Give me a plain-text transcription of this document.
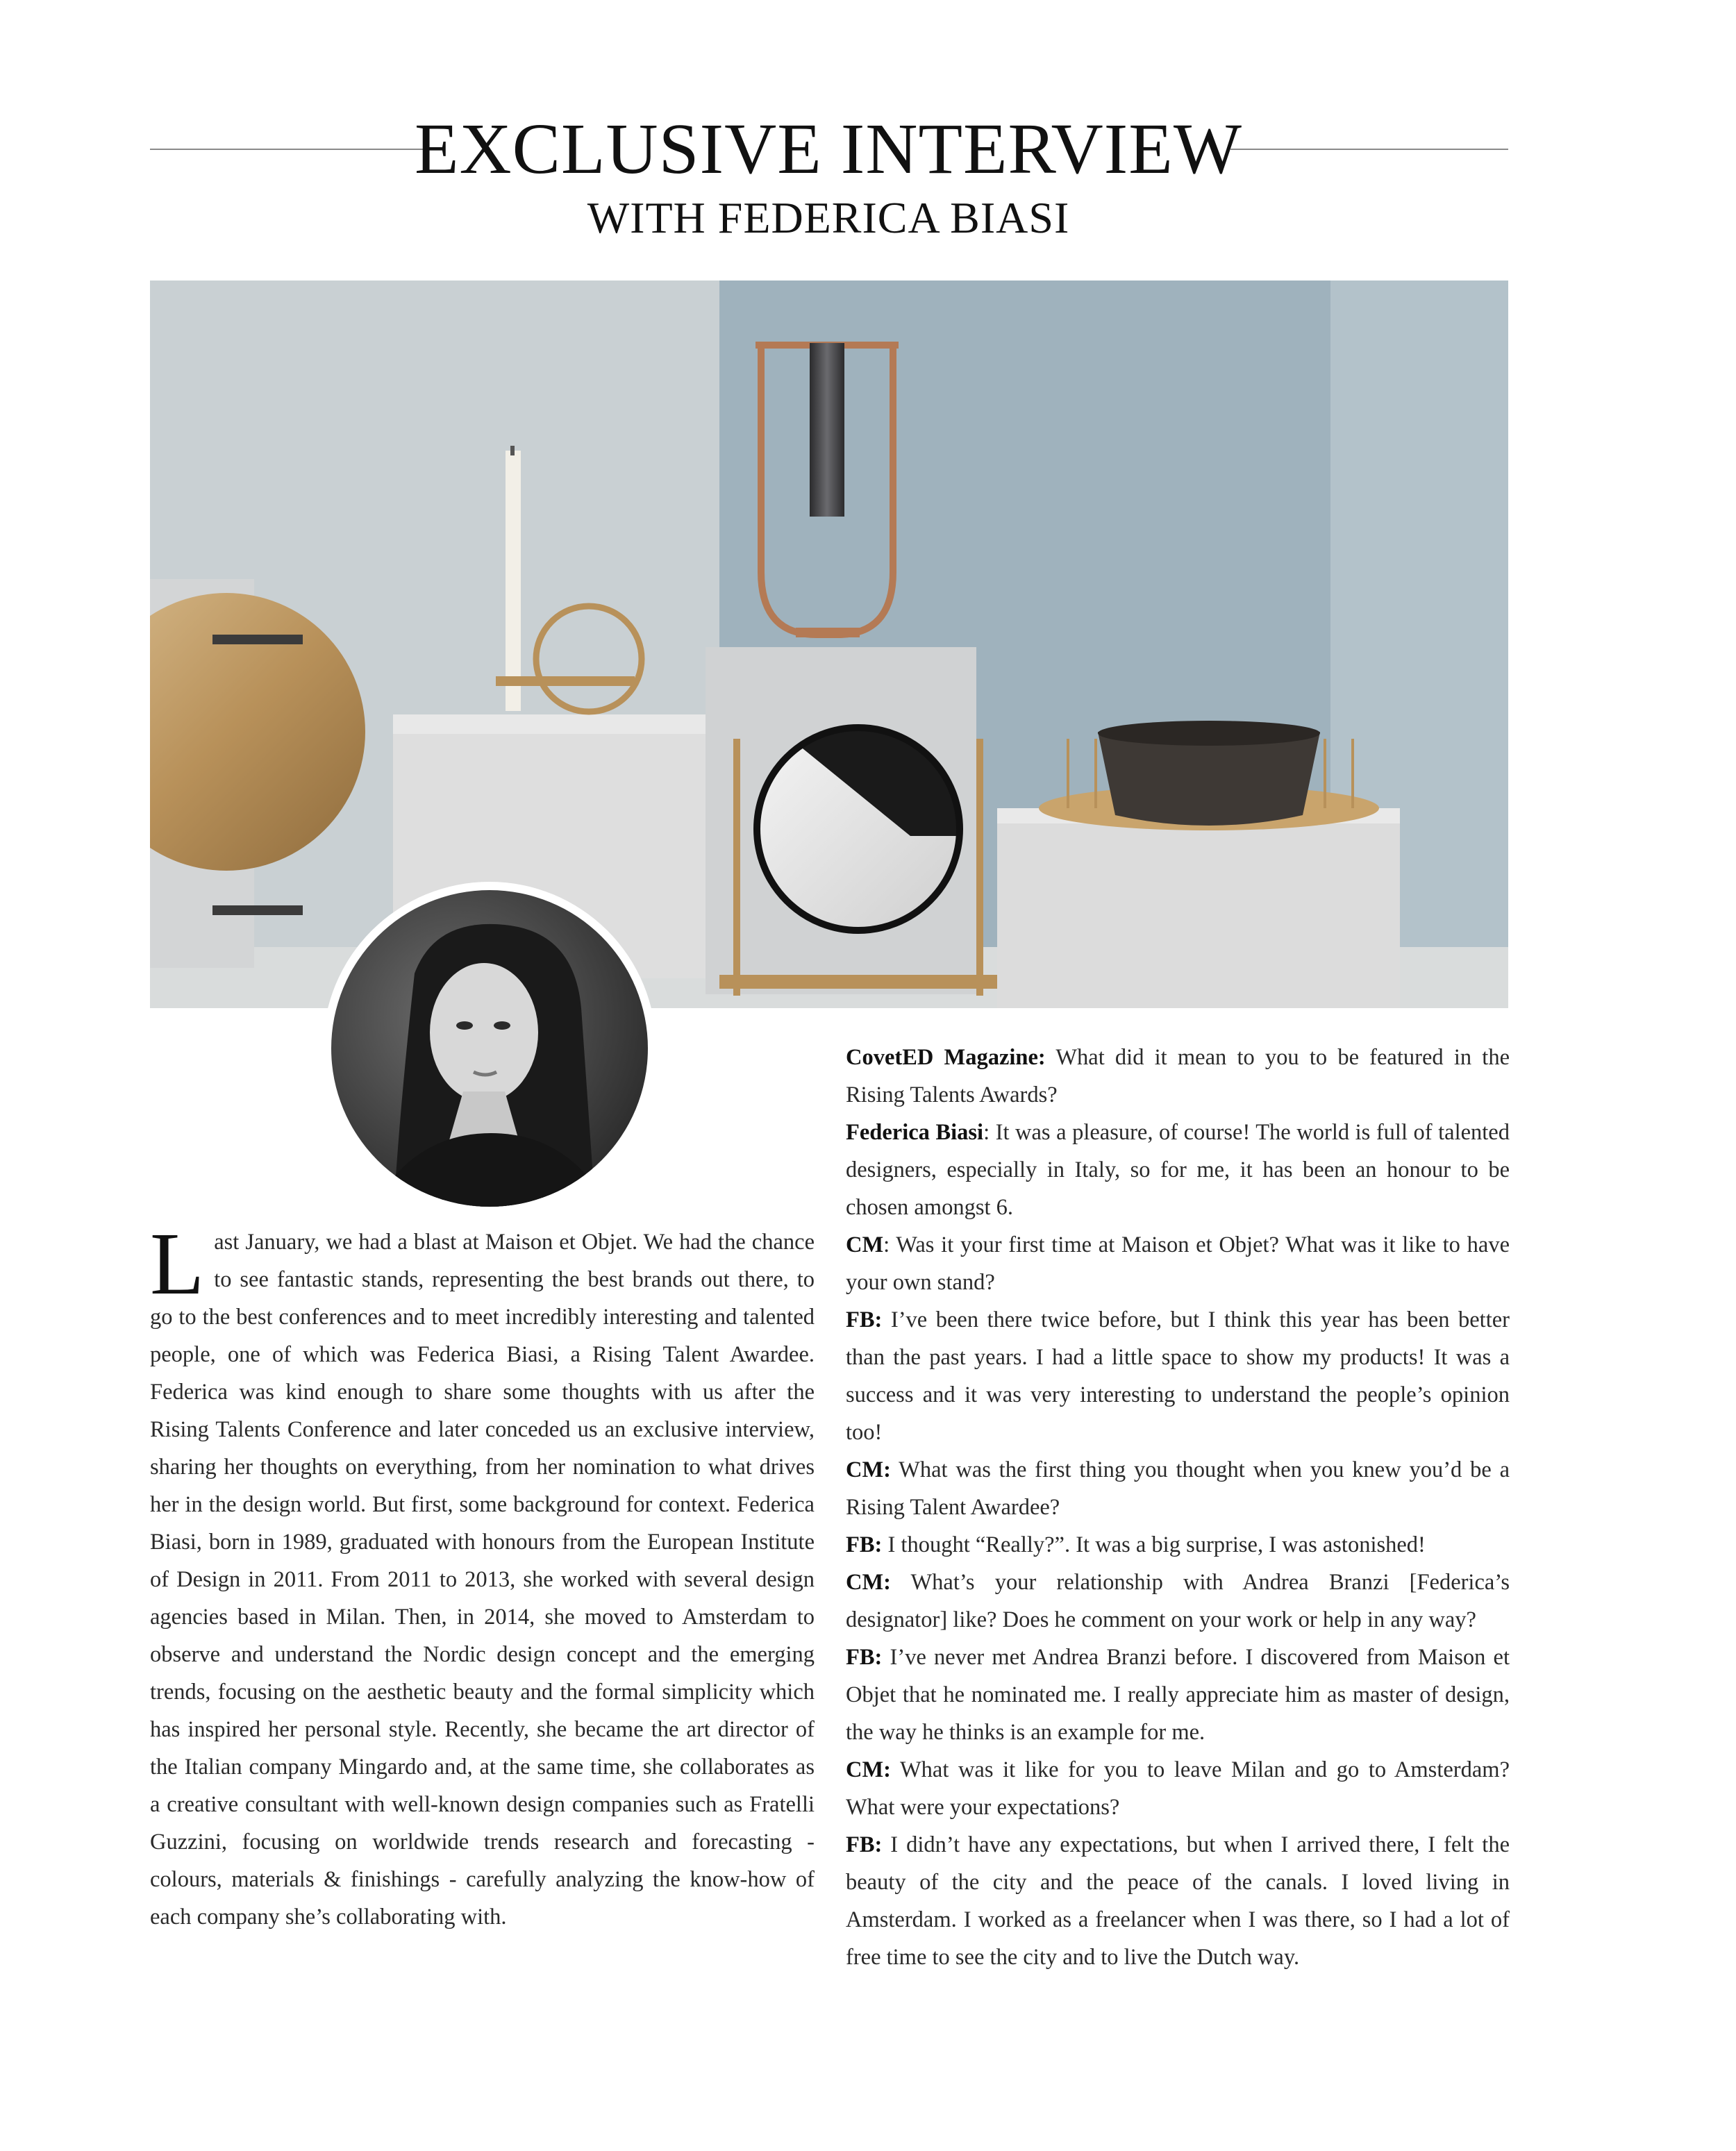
EXCLUSIVE INTERVIEW
WITH FEDERICA BIASI
L ast January, we had a blast at Maison et Objet. We had the chance to see fantastic stands, representing the best brands out there, to go to the best conferences and to meet incredibly interesting and talented people, one of which was Federica Biasi, a Rising Talent Awardee. Federica was kind enough to share some thoughts with us after the Rising Talents Conference and later conceded us an exclusive interview, sharing her thoughts on everything, from her nomination to what drives her in the design world. But first, some background for context. Federica Biasi, born in 1989, graduated with honours from the European Institute of Design in 2011. From 2011 to 2013, she worked with several design agencies based in Milan. Then, in 2014, she moved to Amsterdam to observe and understand the Nordic design concept and the emerging trends, focusing on the aesthetic beauty and the formal simplicity which has inspired her personal style. Recently, she became the art director of the Italian company Mingardo and, at the same time, she collaborates as a creative consultant with well-known design companies such as Fratelli Guzzini, focusing on worldwide trends research and forecasting - colours, materials & finishings - carefully analyzing the know-how of each company she’s collaborating with.

CovetED Magazine: What did it mean to you to be featured in the Rising Talents Awards?

Federica Biasi: It was a pleasure, of course! The world is full of talented designers, especially in Italy, so for me, it has been an honour to be chosen amongst 6.

CM: Was it your first time at Maison et Objet? What was it like to have your own stand?

FB: I’ve been there twice before, but I think this year has been better than the past years. I had a little space to show my products! It was a success and it was very interesting to understand the people’s opinion too!

CM: What was the first thing you thought when you knew you’d be a Rising Talent Awardee?

FB: I thought “Really?”. It was a big surprise, I was astonished!

CM: What’s your relationship with Andrea Branzi [Federica’s designator] like? Does he comment on your work or help in any way?

FB: I’ve never met Andrea Branzi before. I discovered from Maison et Objet that he nominated me. I really appreciate him as master of design, the way he thinks is an example for me.

CM: What was it like for you to leave Milan and go to Amsterdam? What were your expectations?

FB: I didn’t have any expectations, but when I arrived there, I felt the beauty of the city and the peace of the canals. I loved living in Amsterdam. I worked as a freelancer when I was there, so I had a lot of free time to see the city and to live the Dutch way.
